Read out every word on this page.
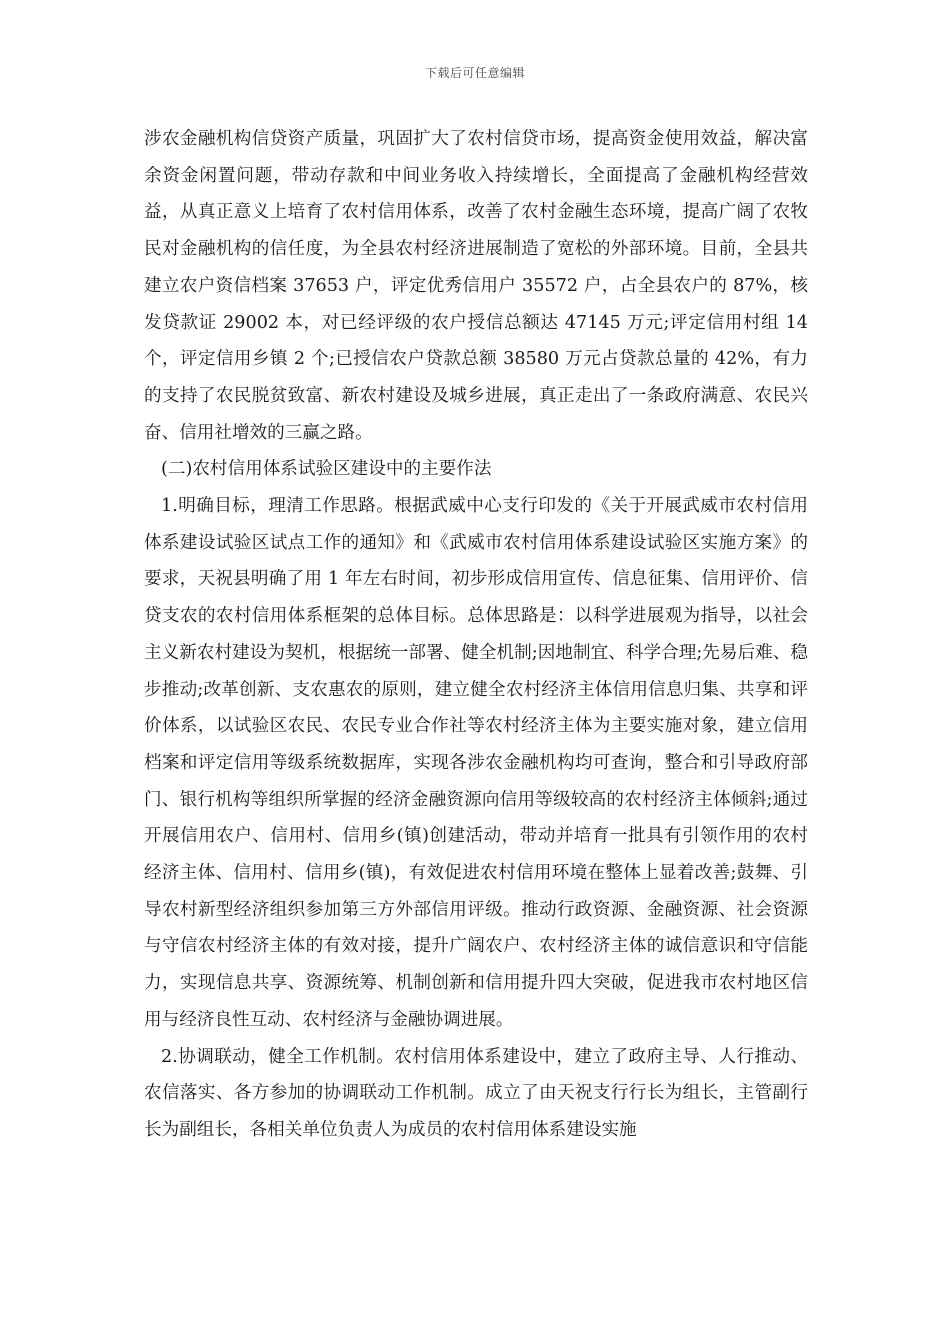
下载后可任意编辑

涉农金融机构信贷资产质量，巩固扩大了农村信贷市场，提高资金使用效益，解决富余资金闲置问题，带动存款和中间业务收入持续增长，全面提高了金融机构经营效益，从真正意义上培育了农村信用体系，改善了农村金融生态环境，提高广阔了农牧民对金融机构的信任度，为全县农村经济进展制造了宽松的外部环境。目前，全县共建立农户资信档案 37653 户，评定优秀信用户 35572 户，占全县农户的 87%，核发贷款证 29002 本，对已经评级的农户授信总额达 47145 万元;评定信用村组 14 个，评定信用乡镇 2 个;已授信农户贷款总额 38580 万元占贷款总量的 42%，有力的支持了农民脱贫致富、新农村建设及城乡进展，真正走出了一条政府满意、农民兴奋、信用社增效的三赢之路。

(二)农村信用体系试验区建设中的主要作法

1.明确目标，理清工作思路。根据武威中心支行印发的《关于开展武威市农村信用体系建设试验区试点工作的通知》和《武威市农村信用体系建设试验区实施方案》的要求，天祝县明确了用 1 年左右时间，初步形成信用宣传、信息征集、信用评价、信贷支农的农村信用体系框架的总体目标。总体思路是：以科学进展观为指导，以社会主义新农村建设为契机，根据统一部署、健全机制;因地制宜、科学合理;先易后难、稳步推动;改革创新、支农惠农的原则，建立健全农村经济主体信用信息归集、共享和评价体系，以试验区农民、农民专业合作社等农村经济主体为主要实施对象，建立信用档案和评定信用等级系统数据库，实现各涉农金融机构均可查询，整合和引导政府部门、银行机构等组织所掌握的经济金融资源向信用等级较高的农村经济主体倾斜;通过开展信用农户、信用村、信用乡(镇)创建活动，带动并培育一批具有引领作用的农村经济主体、信用村、信用乡(镇)，有效促进农村信用环境在整体上显着改善;鼓舞、引导农村新型经济组织参加第三方外部信用评级。推动行政资源、金融资源、社会资源与守信农村经济主体的有效对接，提升广阔农户、农村经济主体的诚信意识和守信能力，实现信息共享、资源统筹、机制创新和信用提升四大突破，促进我市农村地区信用与经济良性互动、农村经济与金融协调进展。

2.协调联动，健全工作机制。农村信用体系建设中，建立了政府主导、人行推动、农信落实、各方参加的协调联动工作机制。成立了由天祝支行行长为组长，主管副行长为副组长，各相关单位负责人为成员的农村信用体系建设实施
